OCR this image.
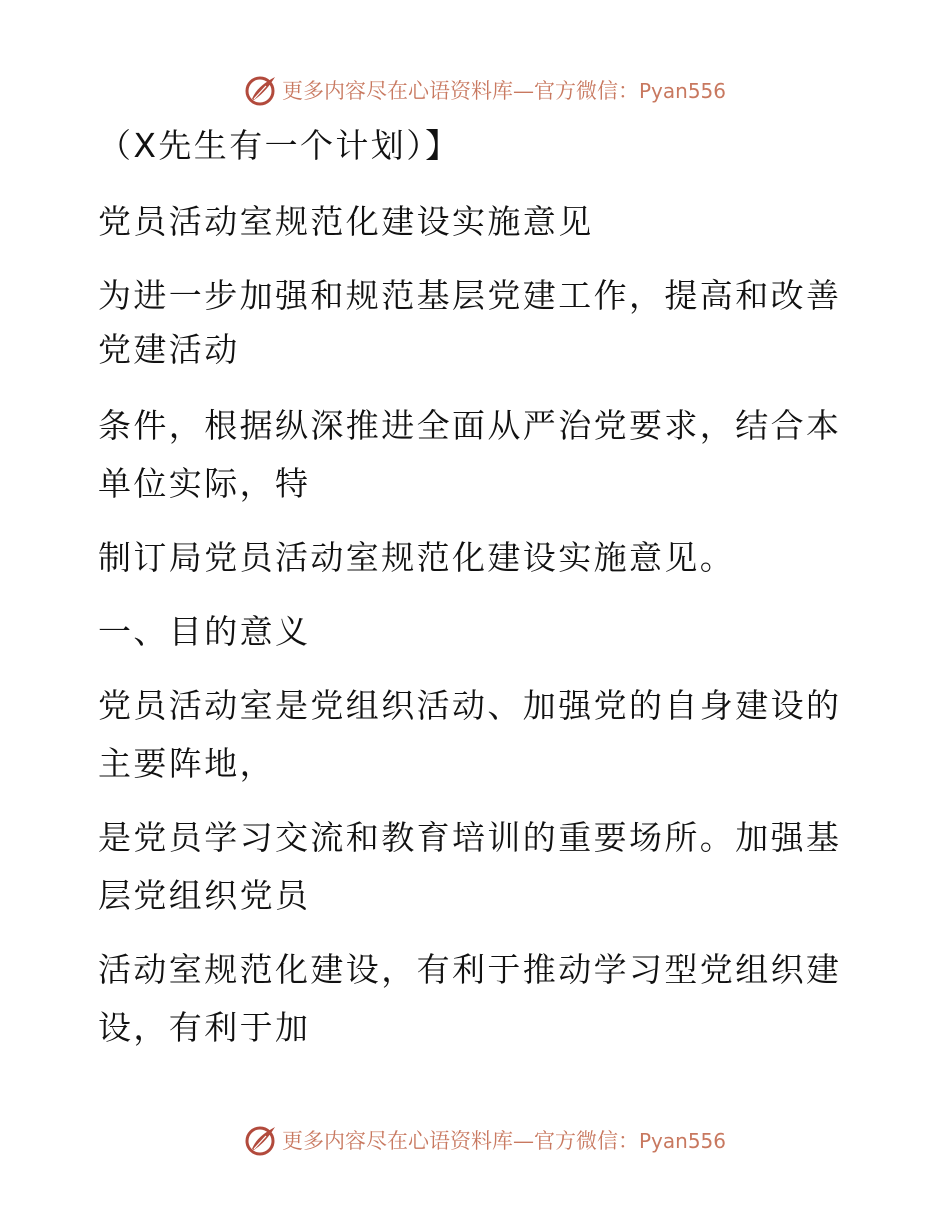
更多内容尽在心语资料库—官方微信：Pyan556
（X先生有一个计划）】
党员活动室规范化建设实施意见
为进一步加强和规范基层党建工作，提高和改善
党建活动
条件，根据纵深推进全面从严治党要求，结合本
单位实际，特
制订局党员活动室规范化建设实施意见。
一、目的意义
党员活动室是党组织活动、加强党的自身建设的
主要阵地，
是党员学习交流和教育培训的重要场所。加强基
层党组织党员
活动室规范化建设，有利于推动学习型党组织建
设，有利于加
更多内容尽在心语资料库—官方微信：Pyan556
